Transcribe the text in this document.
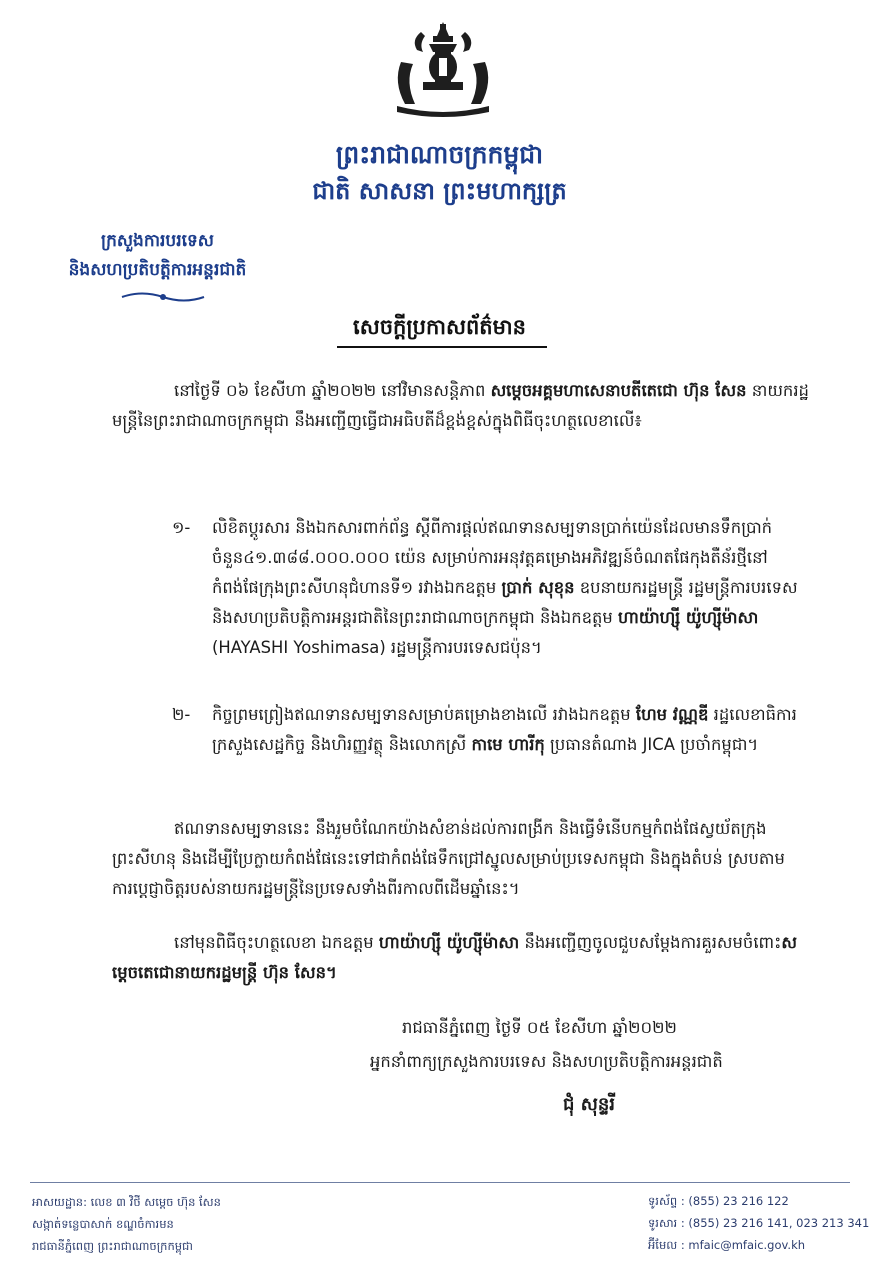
ព្រះរាជាណាចក្រកម្ពុជា
ជាតិ សាសនា ព្រះមហាក្សត្រ
ក្រសួងការបរទេស
និងសហប្រតិបត្តិការអន្តរជាតិ
សេចក្តីប្រកាសព័ត៌មាន
នៅថ្ងៃទី ០៦ ខែសីហា ឆ្នាំ២០២២ នៅវិមានសន្តិភាព សម្តេចអគ្គមហាសេនាបតីតេជោ ហ៊ុន សែន នាយករដ្ឋមន្ត្រីនៃព្រះរាជាណាចក្រកម្ពុជា នឹងអញ្ជើញធ្វើជាអធិបតីដ៏ខ្ពង់ខ្ពស់ក្នុងពិធីចុះហត្ថលេខាលើ៖
១- លិខិតប្តូរសារ និងឯកសារពាក់ព័ន្ធ ស្តីពីការផ្តល់ឥណទានសម្បទានប្រាក់យ៉េនដែលមានទឹកប្រាក់ចំនួន៤១.៣៨៨.០០០.០០០ យ៉េន សម្រាប់ការអនុវត្តគម្រោងអភិវឌ្ឍន៍ចំណតផែកុងតឺន័រថ្មីនៅកំពង់ផែក្រុងព្រះសីហនុជំហានទី១ រវាងឯកឧត្តម ប្រាក់ សុខុន ឧបនាយករដ្ឋមន្ត្រី រដ្ឋមន្ត្រីការបរទេស និងសហប្រតិបត្តិការអន្តរជាតិនៃព្រះរាជាណាចក្រកម្ពុជា និងឯកឧត្តម ហាយ៉ាហ្ស៊ី យ៉ូហ្ស៊ីម៉ាសា (HAYASHI Yoshimasa) រដ្ឋមន្ត្រីការបរទេសជប៉ុន។
២- កិច្ចព្រមព្រៀងឥណទានសម្បទានសម្រាប់គម្រោងខាងលើ រវាងឯកឧត្តម ហែម វណ្ណឌី រដ្ឋលេខាធិការក្រសួងសេដ្ឋកិច្ច និងហិរញ្ញវត្ថុ និងលោកស្រី កាមេ ហារីកុ ប្រធានតំណាង JICA ប្រចាំកម្ពុជា។
ឥណទានសម្បទាននេះ នឹងរួមចំណែកយ៉ាងសំខាន់ដល់ការពង្រីក និងធ្វើទំនើបកម្មកំពង់ផែស្វយ័តក្រុងព្រះសីហនុ និងដើម្បីប្រែក្លាយកំពង់ផែនេះទៅជាកំពង់ផែទឹកជ្រៅស្នូលសម្រាប់ប្រទេសកម្ពុជា និងក្នុងតំបន់ ស្របតាមការប្តេជ្ញាចិត្តរបស់នាយករដ្ឋមន្ត្រីនៃប្រទេសទាំងពីរកាលពីដើមឆ្នាំនេះ។
នៅមុនពិធីចុះហត្ថលេខា ឯកឧត្តម ហាយ៉ាហ្ស៊ី យ៉ូហ្ស៊ីម៉ាសា នឹងអញ្ជើញចូលជួបសម្តែងការគួរសមចំពោះសម្តេចតេជោនាយករដ្ឋមន្ត្រី ហ៊ុន សែន។
រាជធានីភ្នំពេញ ថ្ងៃទី ០៥ ខែសីហា ឆ្នាំ២០២២
អ្នកនាំពាក្យក្រសួងការបរទេស និងសហប្រតិបត្តិការអន្តរជាតិ
ជុំ សុន្ទរី
អាសយដ្ឋាន: លេខ ៣ វិថី សម្តេច ហ៊ុន សែន
សង្កាត់ទន្លេបាសាក់ ខណ្ឌចំការមន
រាជធានីភ្នំពេញ ព្រះរាជាណាចក្រកម្ពុជា
ទូរស័ព្ទ : (855) 23 216 122
ទូរសារ : (855) 23 216 141, 023 213 341
អ៊ីមែល : mfaic@mfaic.gov.kh
